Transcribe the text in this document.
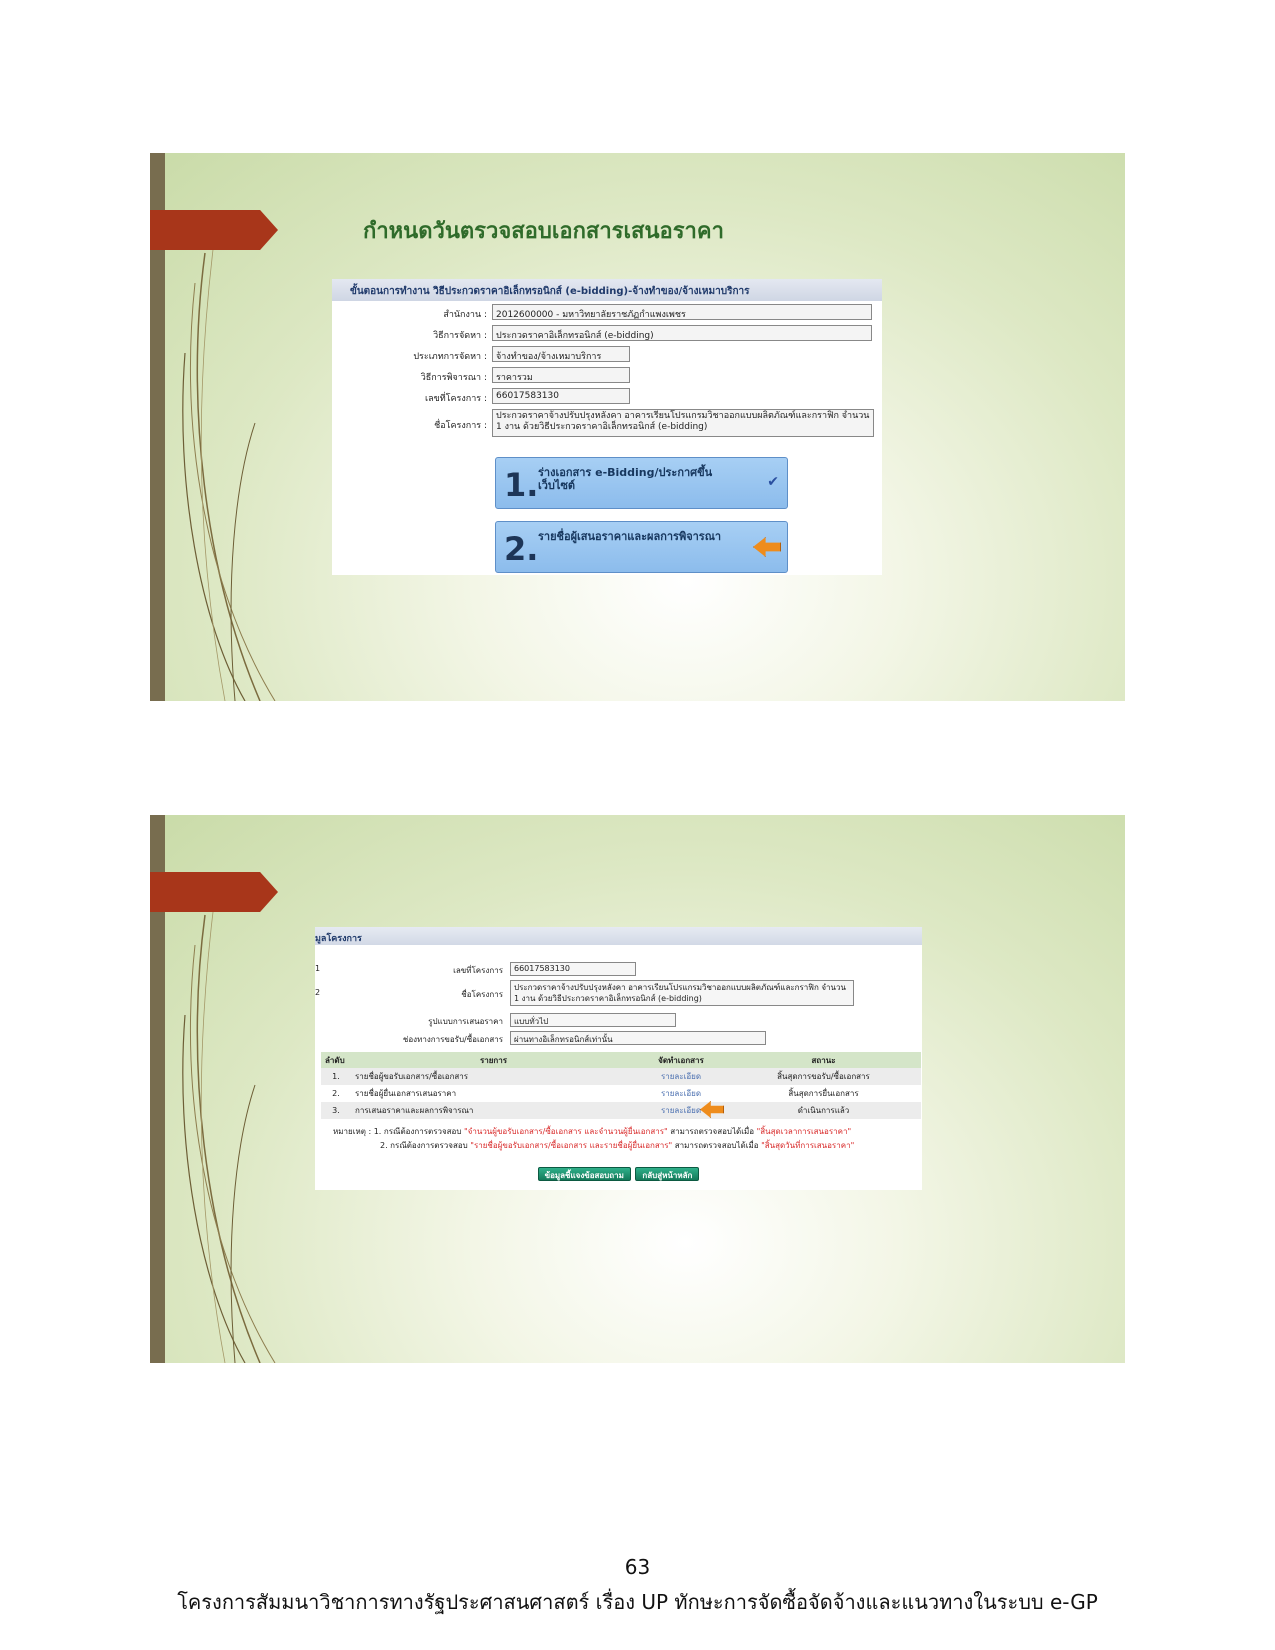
กำหนดวันตรวจสอบเอกสารเสนอราคา
ขั้นตอนการทำงาน วิธีประกวดราคาอิเล็กทรอนิกส์ (e-bidding)-จ้างทำของ/จ้างเหมาบริการ
สำนักงาน :	2012600000 - มหาวิทยาลัยราชภัฏกำแพงเพชร
วิธีการจัดหา :	ประกวดราคาอิเล็กทรอนิกส์ (e-bidding)
ประเภทการจัดหา :	จ้างทำของ/จ้างเหมาบริการ
วิธีการพิจารณา :	ราคารวม
เลขที่โครงการ :	66017583130
ชื่อโครงการ :
ประกวดราคาจ้างปรับปรุงหลังคา อาคารเรียนโปรแกรมวิชาออกแบบผลิตภัณฑ์และกราฟิก จำนวน 1 งาน ด้วยวิธีประกวดราคาอิเล็กทรอนิกส์ (e-bidding)
1. ร่างเอกสาร e-Bidding/ประกาศขึ้นเว็บไซต์	✔
2. รายชื่อผู้เสนอราคาและผลการพิจารณา
มูลโครงการ
1	เลขที่โครงการ	66017583130
2	ชื่อโครงการ
ประกวดราคาจ้างปรับปรุงหลังคา อาคารเรียนโปรแกรมวิชาออกแบบผลิตภัณฑ์และกราฟิก จำนวน 1 งาน ด้วยวิธีประกวดราคาอิเล็กทรอนิกส์ (e-bidding)
รูปแบบการเสนอราคา	แบบทั่วไป
ช่องทางการขอรับ/ซื้อเอกสาร	ผ่านทางอิเล็กทรอนิกส์เท่านั้น
ลำดับ	รายการ	จัดทำเอกสาร	สถานะ
1.	รายชื่อผู้ขอรับเอกสาร/ซื้อเอกสาร	รายละเอียด	สิ้นสุดการขอรับ/ซื้อเอกสาร
2.	รายชื่อผู้ยื่นเอกสารเสนอราคา	รายละเอียด	สิ้นสุดการยื่นเอกสาร
3.	การเสนอราคาและผลการพิจารณา	รายละเอียด	ดำเนินการแล้ว
หมายเหตุ : 1. กรณีต้องการตรวจสอบ "จำนวนผู้ขอรับเอกสาร/ซื้อเอกสาร และจำนวนผู้ยื่นเอกสาร" สามารถตรวจสอบได้เมื่อ "สิ้นสุดเวลาการเสนอราคา"
2. กรณีต้องการตรวจสอบ "รายชื่อผู้ขอรับเอกสาร/ซื้อเอกสาร และรายชื่อผู้ยื่นเอกสาร" สามารถตรวจสอบได้เมื่อ "สิ้นสุดวันที่การเสนอราคา"
ข้อมูลชี้แจงข้อสอบถาม กลับสู่หน้าหลัก
63
โครงการสัมมนาวิชาการทางรัฐประศาสนศาสตร์ เรื่อง UP ทักษะการจัดซื้อจัดจ้างและแนวทางในระบบ e-GP
